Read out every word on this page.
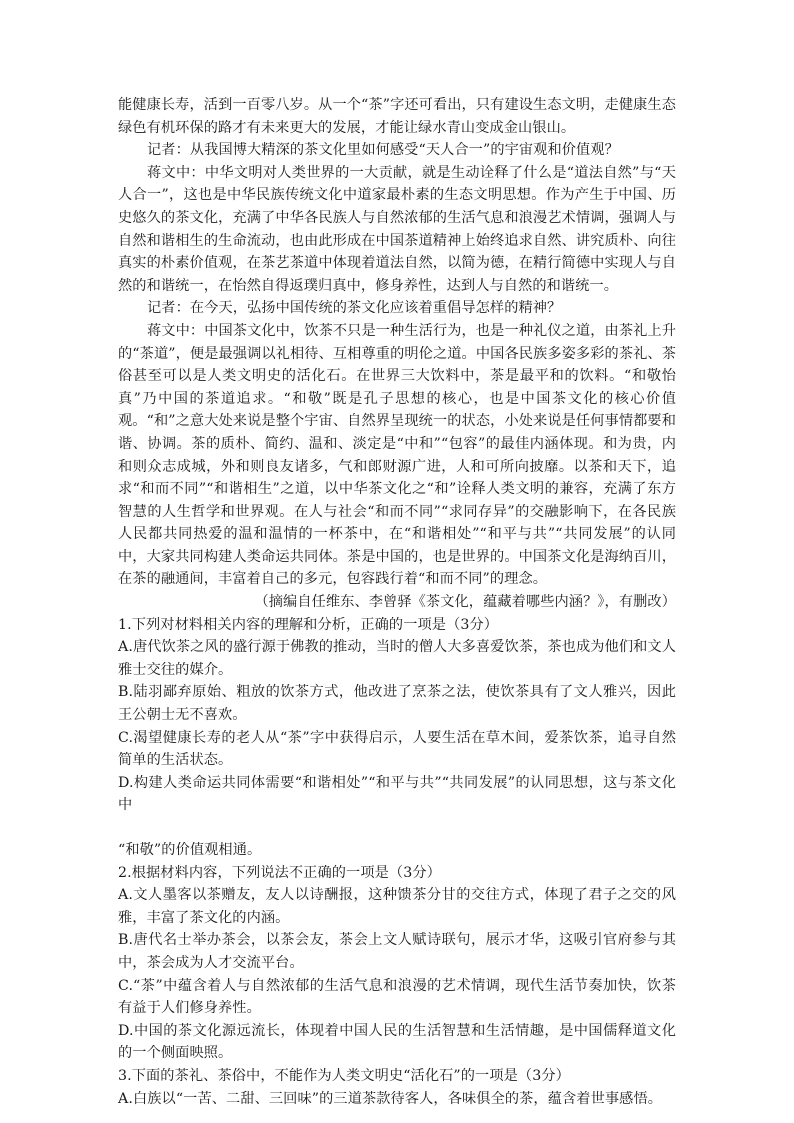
能健康长寿，活到一百零八岁。从一个“茶”字还可看出，只有建设生态文明，走健康生态绿色有机环保的路才有未来更大的发展，才能让绿水青山变成金山银山。

记者：从我国博大精深的茶文化里如何感受“天人合一”的宇宙观和价值观？

蒋文中：中华文明对人类世界的一大贡献，就是生动诠释了什么是“道法自然”与“天人合一”，这也是中华民族传统文化中道家最朴素的生态文明思想。作为产生于中国、历史悠久的茶文化，充满了中华各民族人与自然浓郁的生活气息和浪漫艺术情调，强调人与自然和谐相生的生命流动，也由此形成在中国茶道精神上始终追求自然、讲究质朴、向往真实的朴素价值观，在茶艺茶道中体现着道法自然，以简为德，在精行简德中实现人与自然的和谐统一，在怡然自得返璞归真中，修身养性，达到人与自然的和谐统一。

记者：在今天，弘扬中国传统的茶文化应该着重倡导怎样的精神？

蒋文中：中国茶文化中，饮茶不只是一种生活行为，也是一种礼仪之道，由茶礼上升的“茶道”，便是最强调以礼相待、互相尊重的明伦之道。中国各民族多姿多彩的茶礼、茶俗甚至可以是人类文明史的活化石。在世界三大饮料中，茶是最平和的饮料。“和敬怡真”乃中国的茶道追求。“和敬”既是孔子思想的核心，也是中国茶文化的核心价值观。“和”之意大处来说是整个宇宙、自然界呈现统一的状态，小处来说是任何事情都要和谐、协调。茶的质朴、简约、温和、淡定是“中和”“包容”的最佳内涵体现。和为贵，内和则众志成城，外和则良友诸多，气和郎财源广进，人和可所向披靡。以茶和天下，追求“和而不同”“和谐相生”之道，以中华茶文化之“和”诠释人类文明的兼容，充满了东方智慧的人生哲学和世界观。在人与社会“和而不同”“求同存异”的交融影响下，在各民族人民都共同热爱的温和温情的一杯茶中，在“和谐相处”“和平与共”“共同发展”的认同中，大家共同构建人类命运共同体。茶是中国的，也是世界的。中国茶文化是海纳百川，在茶的融通间，丰富着自己的多元，包容践行着“和而不同”的理念。

（摘编自任维东、李曾驿《茶文化，蕴藏着哪些内涵？》，有删改）

1.下列对材料相关内容的理解和分析，正确的一项是（3分）

A.唐代饮茶之风的盛行源于佛教的推动，当时的僧人大多喜爱饮茶，茶也成为他们和文人雅士交往的媒介。

B.陆羽鄙弃原始、粗放的饮茶方式，他改进了烹茶之法，使饮茶具有了文人雅兴，因此王公朝士无不喜欢。

C.渴望健康长寿的老人从“茶”字中获得启示，人要生活在草木间，爱茶饮茶，追寻自然简单的生活状态。

D.构建人类命运共同体需要“和谐相处”“和平与共”“共同发展”的认同思想，这与茶文化中

“和敬”的价值观相通。

2.根据材料内容，下列说法不正确的一项是（3分）

A.文人墨客以茶赠友，友人以诗酬报，这种馈茶分甘的交往方式，体现了君子之交的风雅，丰富了茶文化的内涵。

B.唐代名士举办茶会，以茶会友，茶会上文人赋诗联句，展示才华，这吸引官府参与其中，茶会成为人才交流平台。

C.“茶”中蕴含着人与自然浓郁的生活气息和浪漫的艺术情调，现代生活节奏加快，饮茶有益于人们修身养性。

D.中国的茶文化源远流长，体现着中国人民的生活智慧和生活情趣，是中国儒释道文化的一个侧面映照。

3.下面的茶礼、茶俗中，不能作为人类文明史“活化石”的一项是（3分）

A.白族以“一苦、二甜、三回味”的三道茶款待客人，各味俱全的茶，蕴含着世事感悟。
